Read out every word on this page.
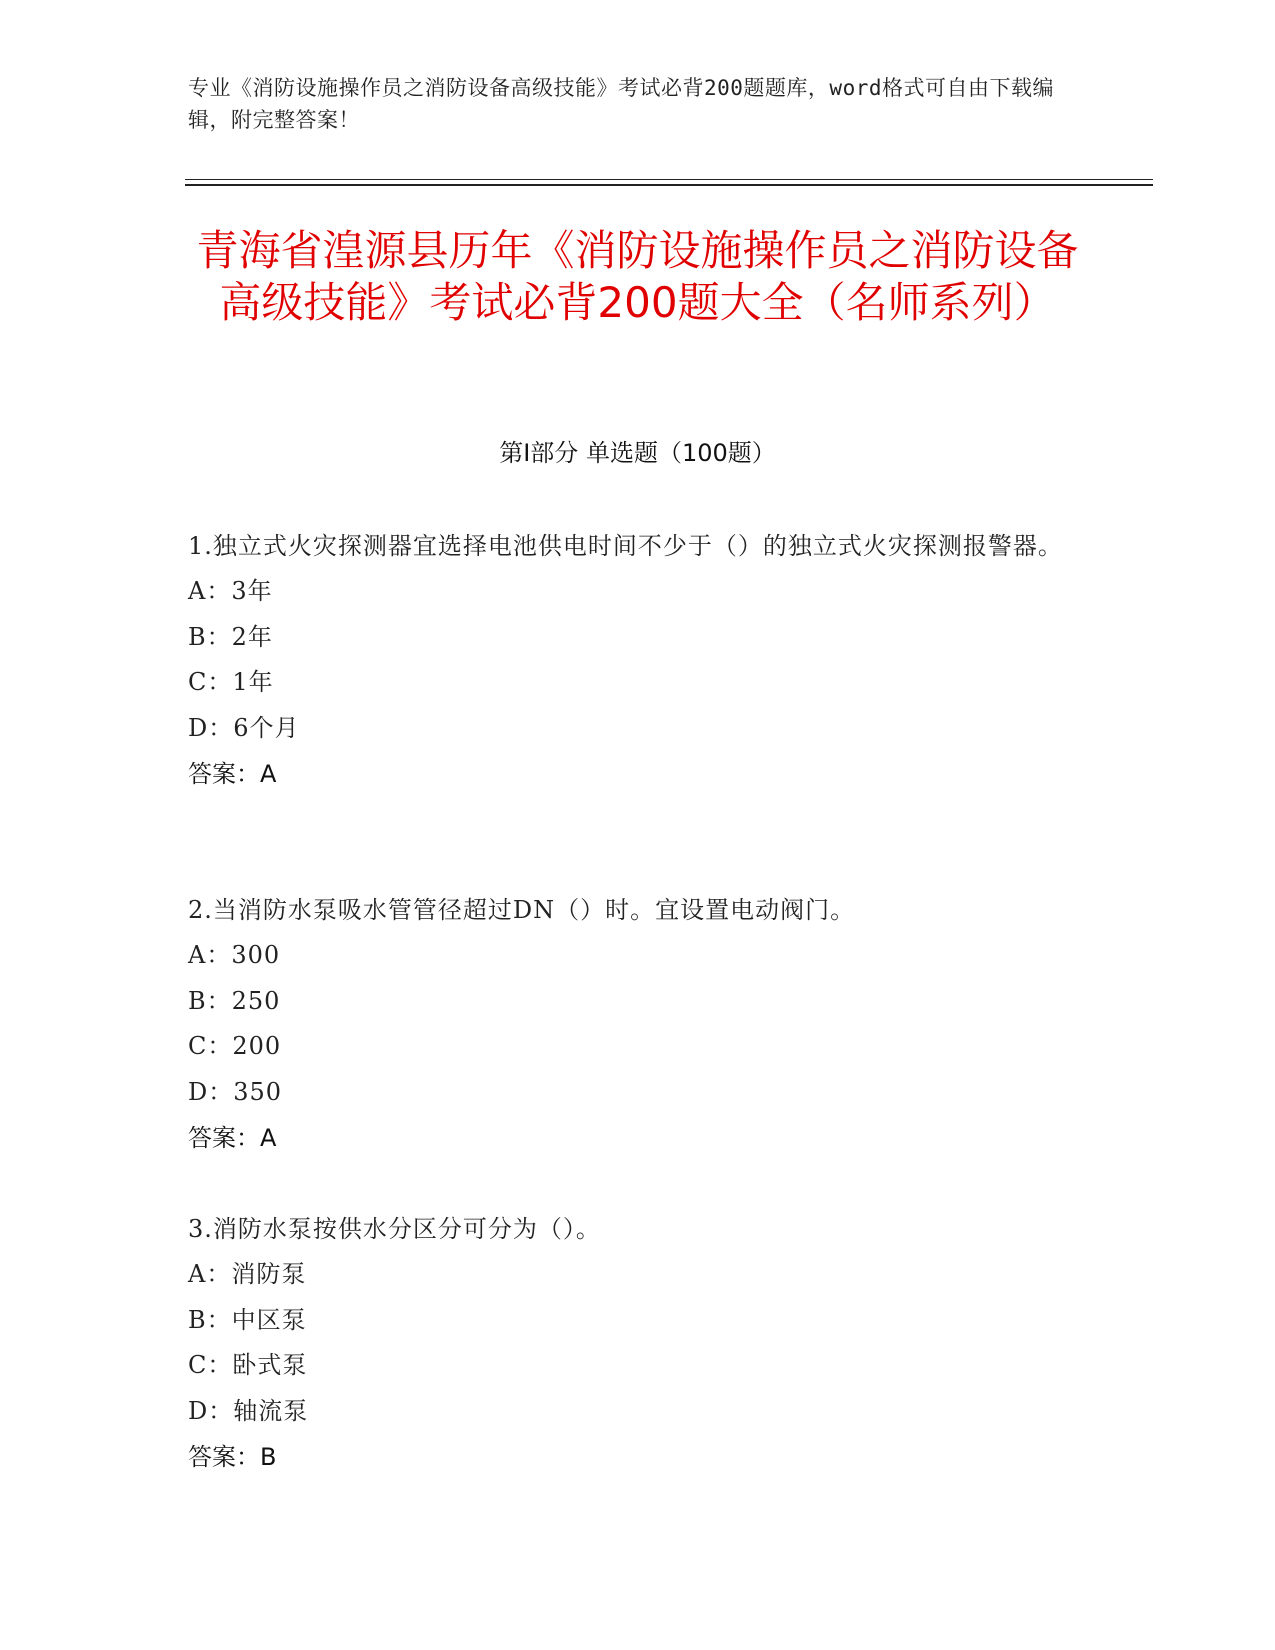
专业《消防设施操作员之消防设备高级技能》考试必背200题题库，word格式可自由下载编辑，附完整答案！
青海省湟源县历年《消防设施操作员之消防设备高级技能》考试必背200题大全（名师系列）
第I部分 单选题（100题）
1.独立式火灾探测器宜选择电池供电时间不少于（）的独立式火灾探测报警器。
A：3年
B：2年
C：1年
D：6个月
答案：A
2.当消防水泵吸水管管径超过DN（）时。宜设置电动阀门。
A：300
B：250
C：200
D：350
答案：A
3.消防水泵按供水分区分可分为（）。
A：消防泵
B：中区泵
C：卧式泵
D：轴流泵
答案：B
